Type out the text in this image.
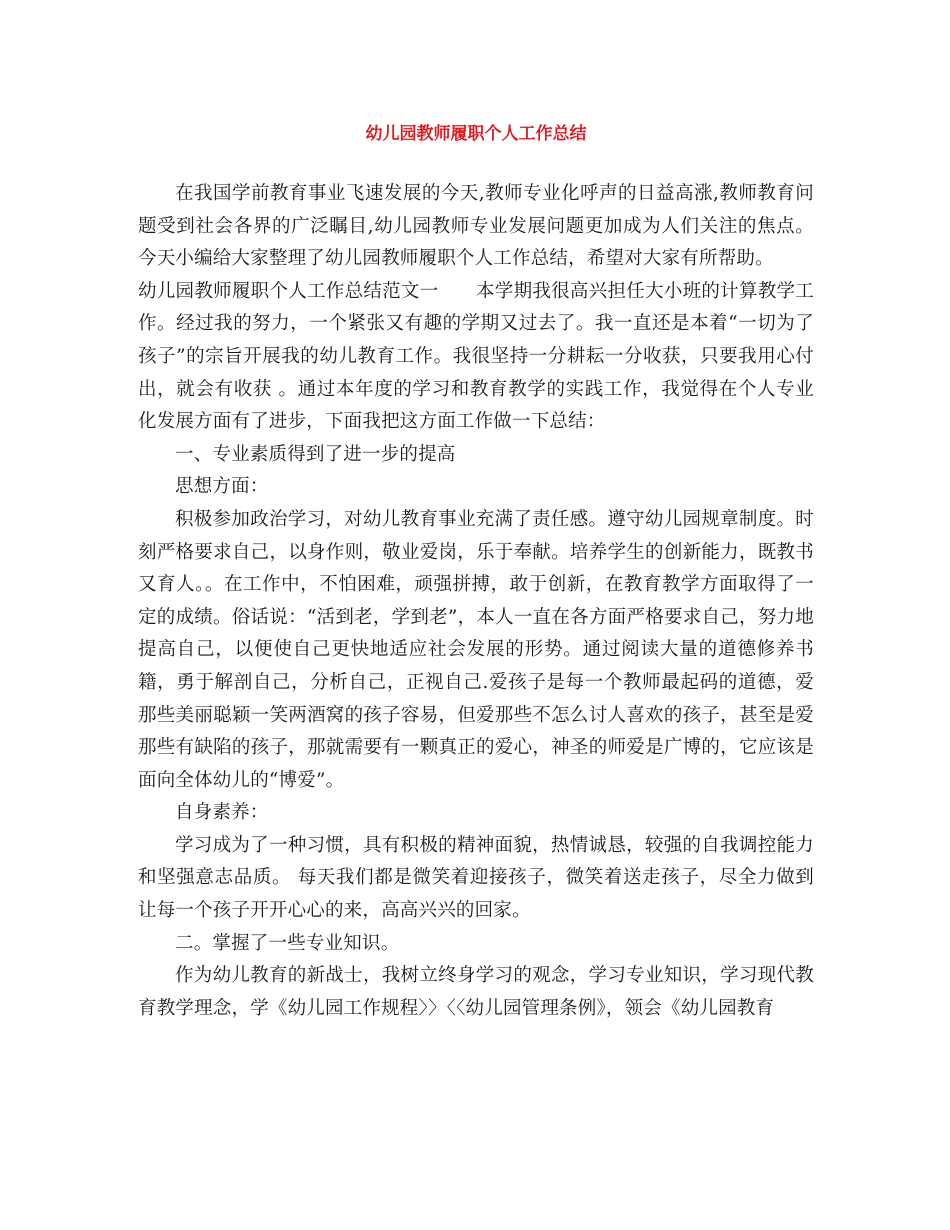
幼儿园教师履职个人工作总结

在我国学前教育事业飞速发展的今天,教师专业化呼声的日益高涨,教师教育问题受到社会各界的广泛瞩目,幼儿园教师专业发展问题更加成为人们关注的焦点。今天小编给大家整理了幼儿园教师履职个人工作总结，希望对大家有所帮助。

幼儿园教师履职个人工作总结范文一　　本学期我很高兴担任大小班的计算教学工作。经过我的努力，一个紧张又有趣的学期又过去了。我一直还是本着“一切为了孩子”的宗旨开展我的幼儿教育工作。我很坚持一分耕耘一分收获，只要我用心付出，就会有收获 。通过本年度的学习和教育教学的实践工作，我觉得在个人专业化发展方面有了进步，下面我把这方面工作做一下总结：

一、专业素质得到了进一步的提高

思想方面：

积极参加政治学习，对幼儿教育事业充满了责任感。遵守幼儿园规章制度。时刻严格要求自己，以身作则，敬业爱岗，乐于奉献。培养学生的创新能力，既教书又育人。。在工作中，不怕困难，顽强拼搏，敢于创新，在教育教学方面取得了一定的成绩。俗话说：“活到老，学到老”，本人一直在各方面严格要求自己，努力地提高自己，以便使自己更快地适应社会发展的形势。通过阅读大量的道德修养书籍，勇于解剖自己，分析自己，正视自己.爱孩子是每一个教师最起码的道德，爱那些美丽聪颖一笑两酒窝的孩子容易，但爱那些不怎么讨人喜欢的孩子，甚至是爱那些有缺陷的孩子，那就需要有一颗真正的爱心，神圣的师爱是广博的，它应该是面向全体幼儿的“博爱”。

自身素养：

学习成为了一种习惯，具有积极的精神面貌，热情诚恳，较强的自我调控能力和坚强意志品质。 每天我们都是微笑着迎接孩子，微笑着送走孩子，尽全力做到让每一个孩子开开心心的来，高高兴兴的回家。

二。掌握了一些专业知识。

作为幼儿教育的新战士，我树立终身学习的观念，学习专业知识，学习现代教育教学理念，学《幼儿园工作规程〉〉〈〈幼儿园管理条例》，领会《幼儿园教育
